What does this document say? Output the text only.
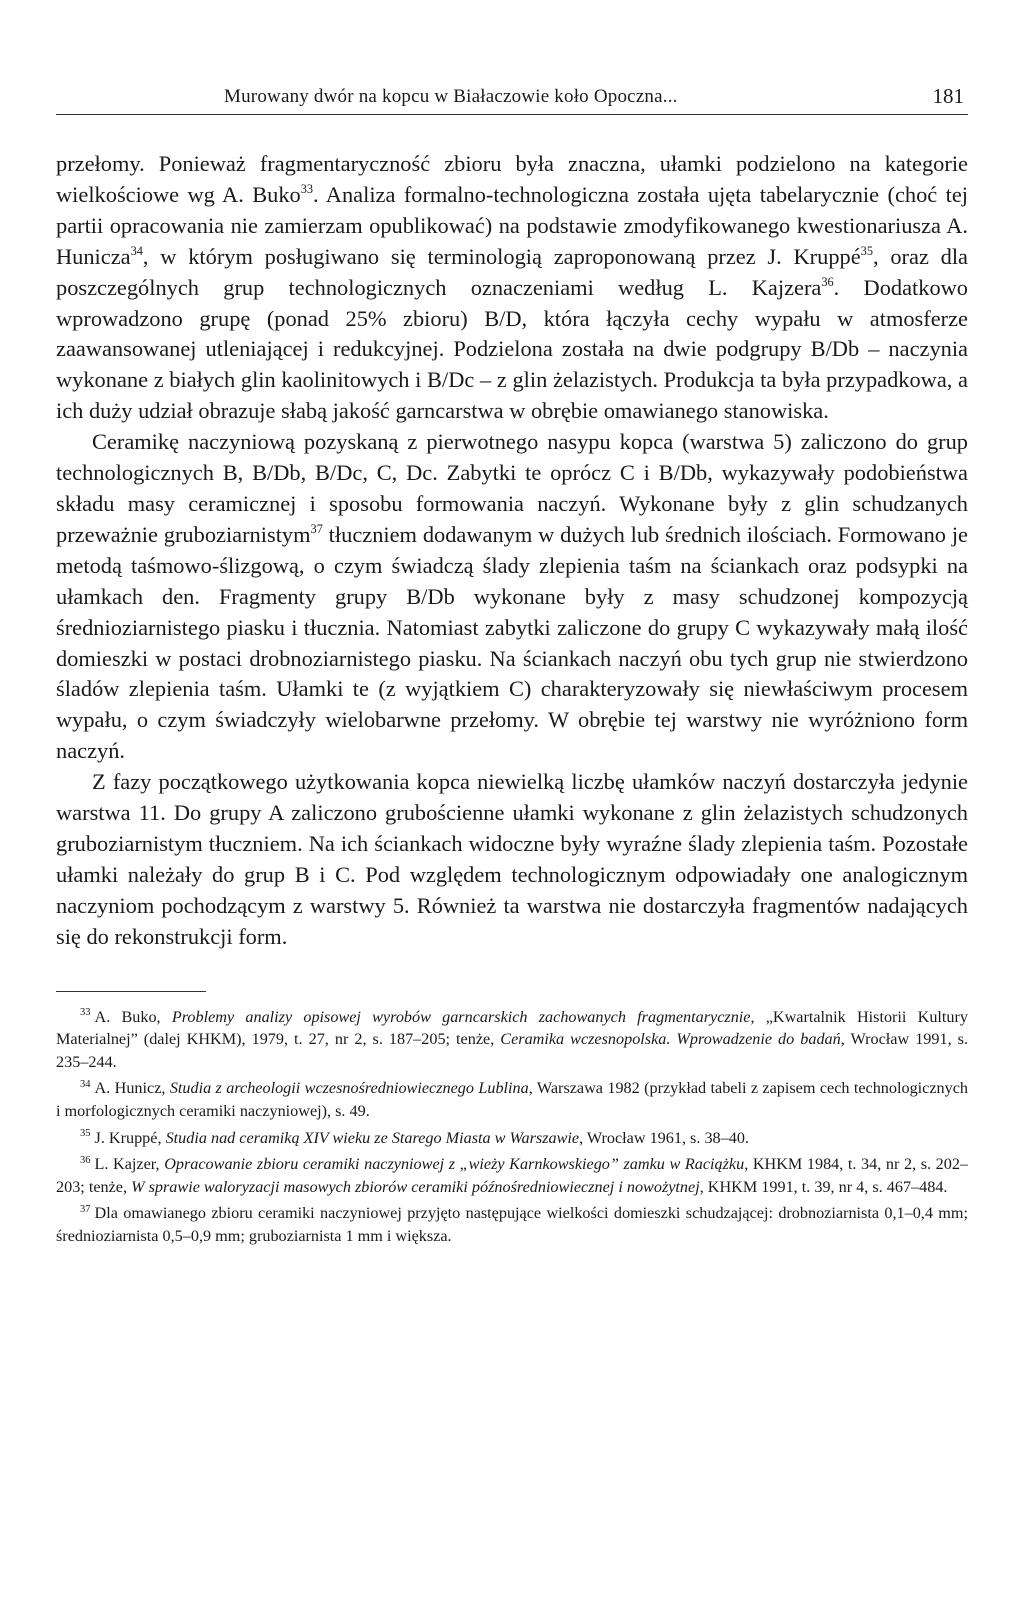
Murowany dwór na kopcu w Białaczowie koło Opoczna...	181

przełomy. Ponieważ fragmentaryczność zbioru była znaczna, ułamki podzielono na kategorie wielkościowe wg A. Buko$^{33}$. Analiza formalno-technologiczna została ujęta tabelarycznie (choć tej partii opracowania nie zamierzam opublikować) na podstawie zmodyfikowanego kwestionariusza A. Hunicza$^{34}$, w którym posługiwano się terminologią zaproponowaną przez J. Kruppé$^{35}$, oraz dla poszczególnych grup technologicznych oznaczeniami według L. Kajzera$^{36}$. Dodatkowo wprowadzono grupę (ponad 25% zbioru) B/D, która łączyła cechy wypału w atmosferze zaawansowanej utleniającej i redukcyjnej. Podzielona została na dwie podgrupy B/Db – naczynia wykonane z białych glin kaolinitowych i B/Dc – z glin żelazistych. Produkcja ta była przypadkowa, a ich duży udział obrazuje słabą jakość garncarstwa w obrębie omawianego stanowiska.

Ceramikę naczyniową pozyskaną z pierwotnego nasypu kopca (warstwa 5) zaliczono do grup technologicznych B, B/Db, B/Dc, C, Dc. Zabytki te oprócz C i B/Db, wykazywały podobieństwa składu masy ceramicznej i sposobu formowania naczyń. Wykonane były z glin schudzanych przeważnie gruboziarnistym$^{37}$ tłuczniem dodawanym w dużych lub średnich ilościach. Formowano je metodą taśmowo-ślizgową, o czym świadczą ślady zlepienia taśm na ściankach oraz podsypki na ułamkach den. Fragmenty grupy B/Db wykonane były z masy schudzonej kompozycją średnioziarnistego piasku i tłucznia. Natomiast zabytki zaliczone do grupy C wykazywały małą ilość domieszki w postaci drobnoziarnistego piasku. Na ściankach naczyń obu tych grup nie stwierdzono śladów zlepienia taśm. Ułamki te (z wyjątkiem C) charakteryzowały się niewłaściwym procesem wypału, o czym świadczyły wielobarwne przełomy. W obrębie tej warstwy nie wyróżniono form naczyń.

Z fazy początkowego użytkowania kopca niewielką liczbę ułamków naczyń dostarczyła jedynie warstwa 11. Do grupy A zaliczono grubościenne ułamki wykonane z glin żelazistych schudzonych gruboziarnistym tłuczniem. Na ich ściankach widoczne były wyraźne ślady zlepienia taśm. Pozostałe ułamki należały do grup B i C. Pod względem technologicznym odpowiadały one analogicznym naczyniom pochodzącym z warstwy 5. Również ta warstwa nie dostarczyła fragmentów nadających się do rekonstrukcji form.

$^{33}$ A. Buko, Problemy analizy opisowej wyrobów garncarskich zachowanych fragmentarycznie, „Kwartalnik Historii Kultury Materialnej” (dalej KHKM), 1979, t. 27, nr 2, s. 187–205; tenże, Ceramika wczesnopolska. Wprowadzenie do badań, Wrocław 1991, s. 235–244.

$^{34}$ A. Hunicz, Studia z archeologii wczesnośredniowiecznego Lublina, Warszawa 1982 (przykład tabeli z zapisem cech technologicznych i morfologicznych ceramiki naczyniowej), s. 49.

$^{35}$ J. Kruppé, Studia nad ceramiką XIV wieku ze Starego Miasta w Warszawie, Wrocław 1961, s. 38–40.

$^{36}$ L. Kajzer, Opracowanie zbioru ceramiki naczyniowej z „wieży Karnkowskiego” zamku w Raciążku, KHKM 1984, t. 34, nr 2, s. 202–203; tenże, W sprawie waloryzacji masowych zbiorów ceramiki późnośredniowiecznej i nowożytnej, KHKM 1991, t. 39, nr 4, s. 467–484.

$^{37}$ Dla omawianego zbioru ceramiki naczyniowej przyjęto następujące wielkości domieszki schudzającej: drobnoziarnista 0,1–0,4 mm; średnioziarnista 0,5–0,9 mm; gruboziarnista 1 mm i większa.
